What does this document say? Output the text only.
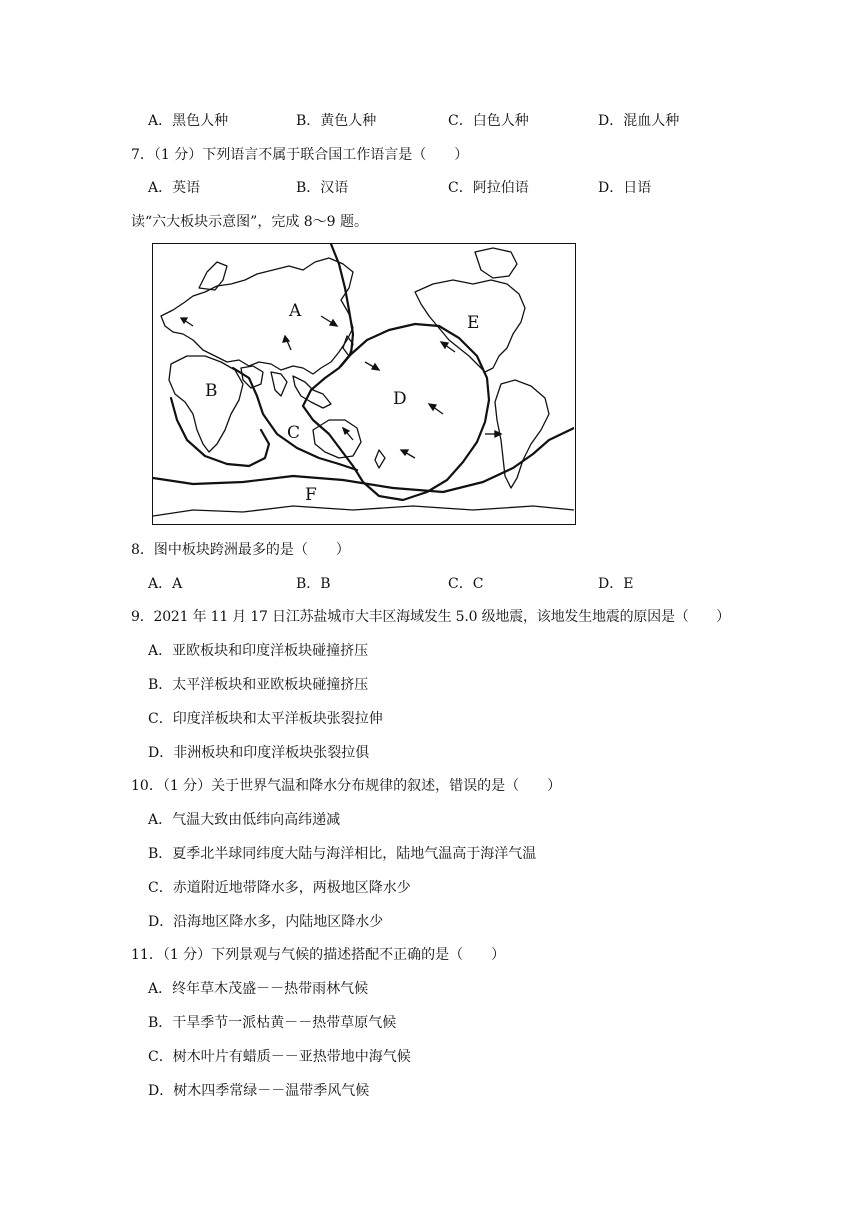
A．黑色人种	B．黄色人种	C．白色人种	D．混血人种
7．（1 分）下列语言不属于联合国工作语言是（　　）
A．英语	B．汉语	C．阿拉伯语	D．日语
读“六大板块示意图”，完成 8～9 题。
A
B
C
D
E
F
8．图中板块跨洲最多的是（　　）
A．A	B．B	C．C	D．E
9．2021 年 11 月 17 日江苏盐城市大丰区海域发生 5.0 级地震，该地发生地震的原因是（　　）
A．亚欧板块和印度洋板块碰撞挤压
B．太平洋板块和亚欧板块碰撞挤压
C．印度洋板块和太平洋板块张裂拉伸
D．非洲板块和印度洋板块张裂拉俱
10．（1 分）关于世界气温和降水分布规律的叙述，错误的是（　　）
A．气温大致由低纬向高纬递减
B．夏季北半球同纬度大陆与海洋相比，陆地气温高于海洋气温
C．赤道附近地带降水多，两极地区降水少
D．沿海地区降水多，内陆地区降水少
11．（1 分）下列景观与气候的描述搭配不正确的是（　　）
A．终年草木茂盛－－热带雨林气候
B．干旱季节一派枯黄－－热带草原气候
C．树木叶片有蜡质－－亚热带地中海气候
D．树木四季常绿－－温带季风气候
